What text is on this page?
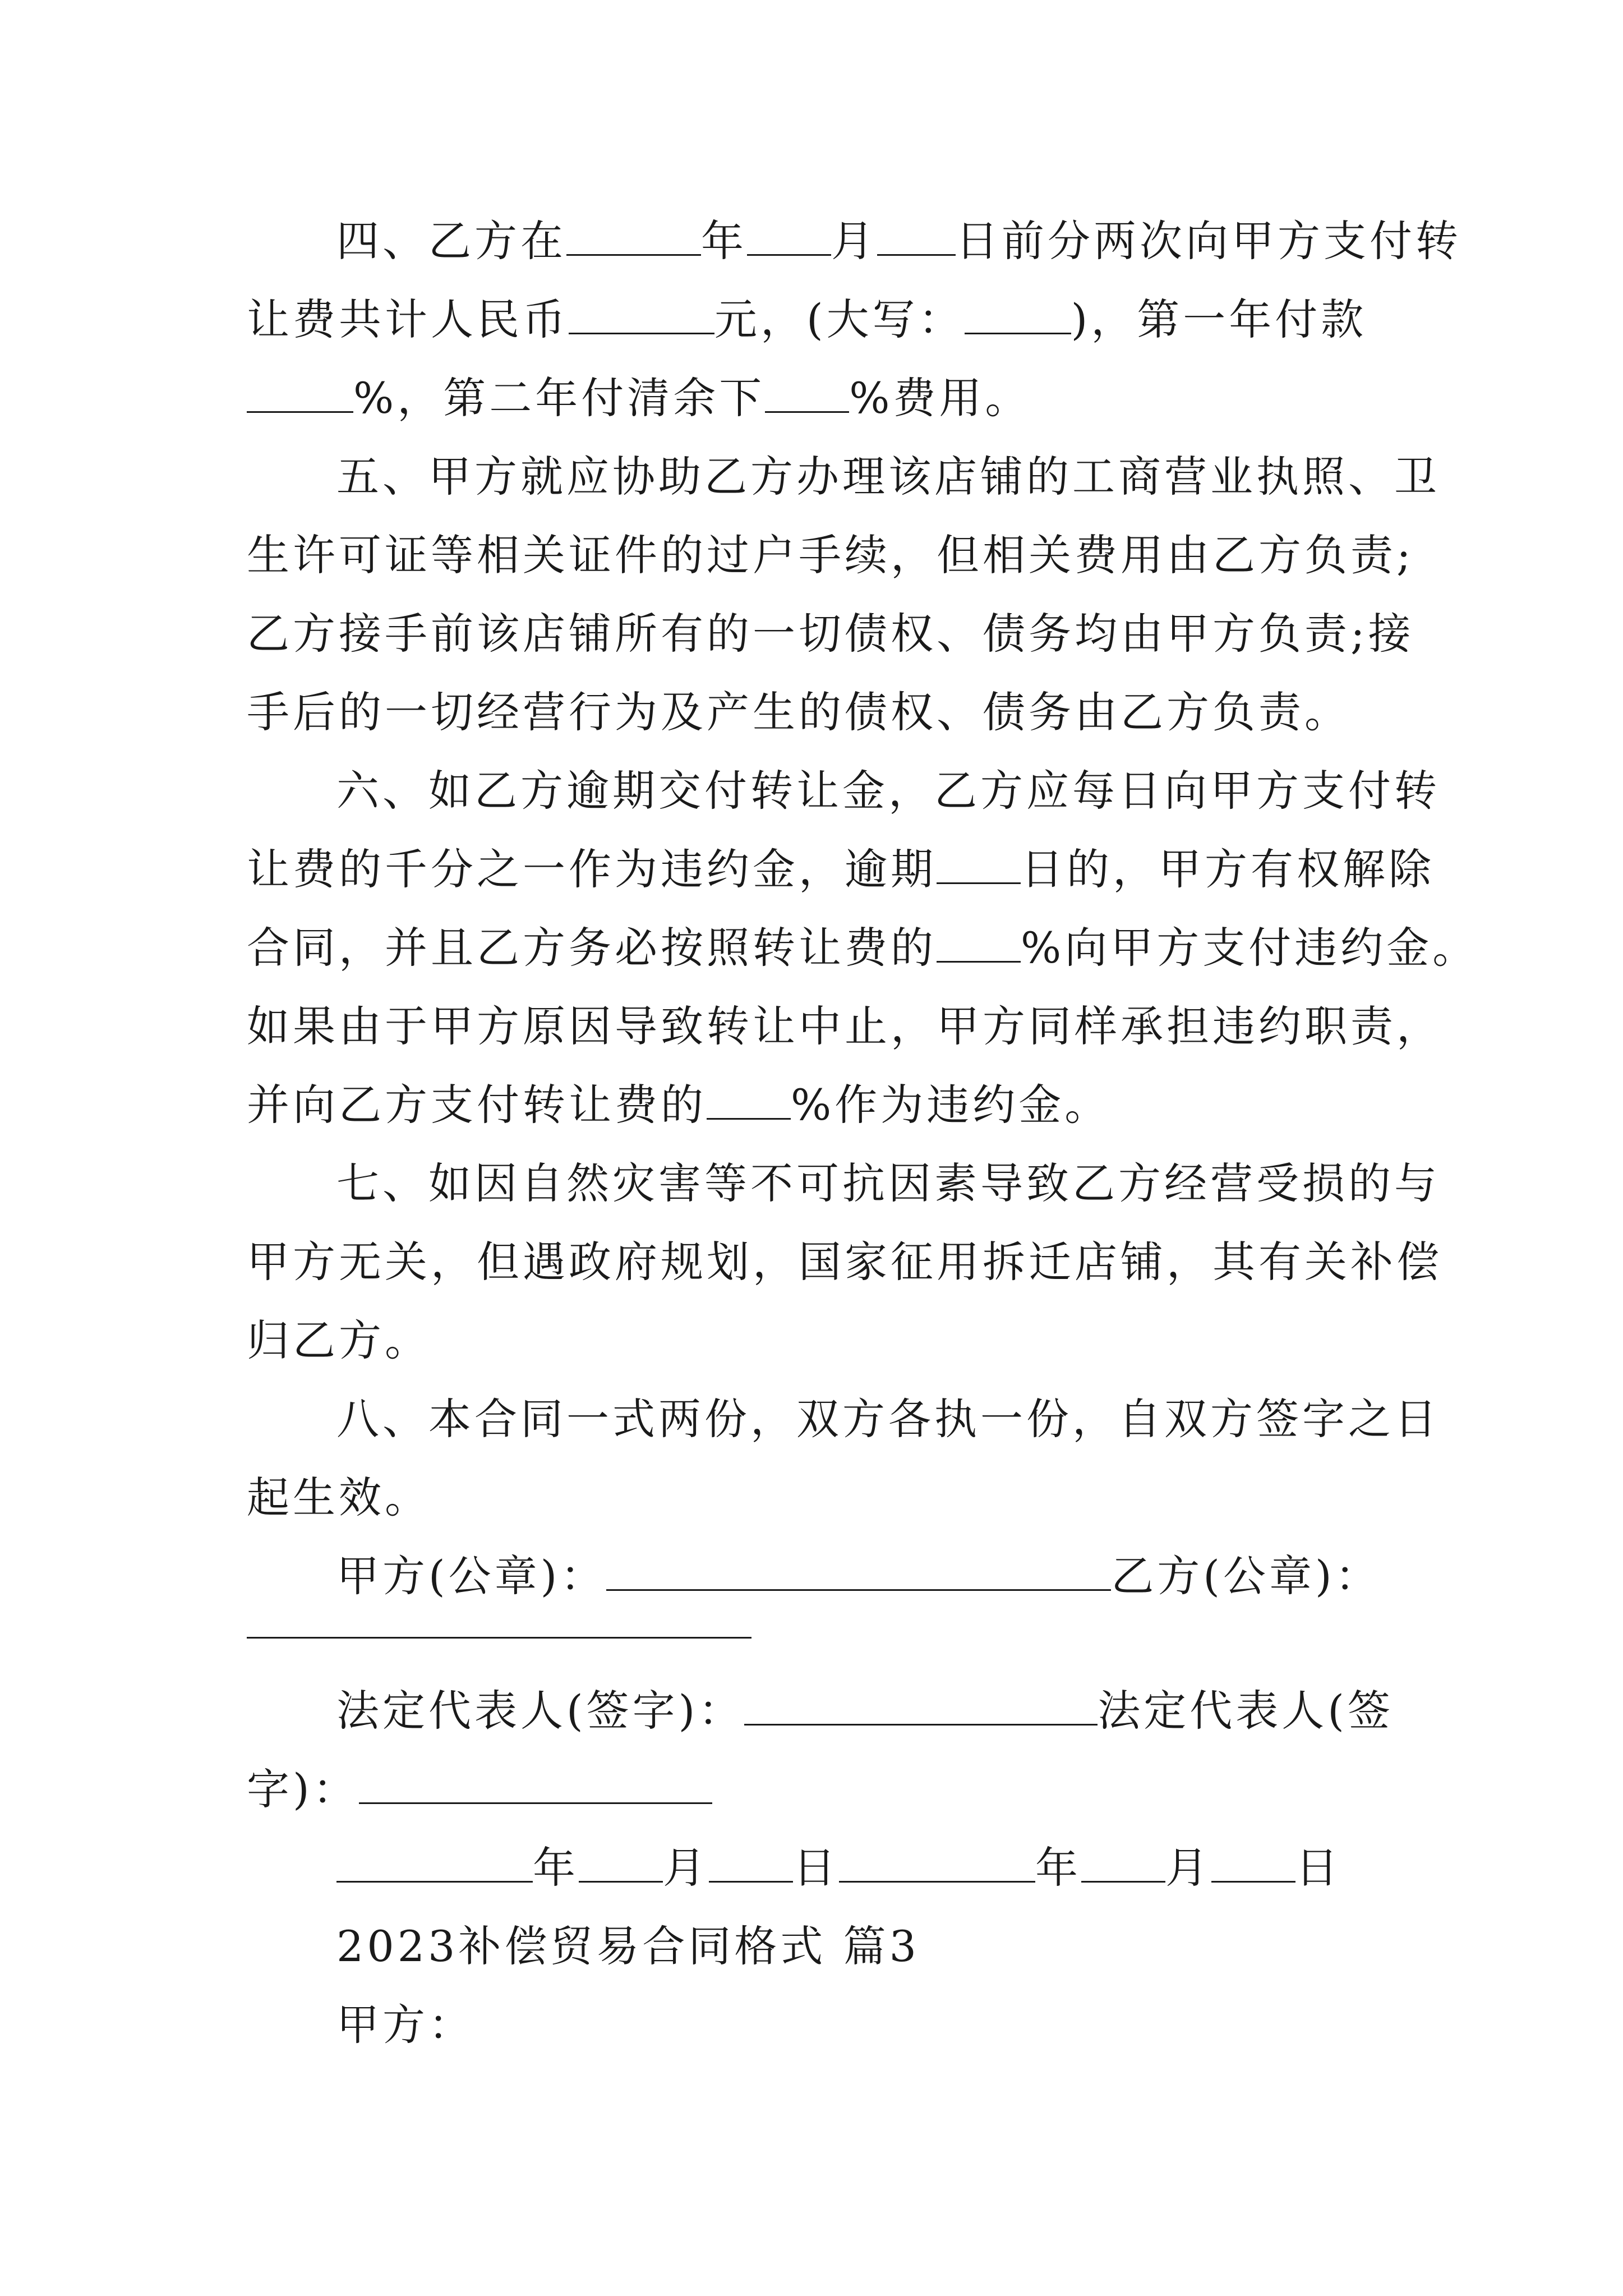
四、乙方在	年 月 日前分两次向甲方支付转
让费共计人民币	元，(大写：	)，第一年付款
%，第二年付清余下 %费用。
五、甲方就应协助乙方办理该店铺的工商营业执照、卫
生许可证等相关证件的过户手续，但相关费用由乙方负责;
乙方接手前该店铺所有的一切债权、债务均由甲方负责;接
手后的一切经营行为及产生的债权、债务由乙方负责。
六、如乙方逾期交付转让金，乙方应每日向甲方支付转
让费的千分之一作为违约金，逾期 日的，甲方有权解除
合同，并且乙方务必按照转让费的 %向甲方支付违约金。
如果由于甲方原因导致转让中止，甲方同样承担违约职责，
并向乙方支付转让费的 %作为违约金。
七、如因自然灾害等不可抗因素导致乙方经营受损的与
甲方无关，但遇政府规划，国家征用拆迁店铺，其有关补偿
归乙方。
八、本合同一式两份，双方各执一份，自双方签字之日
起生效。
甲方(公章)：	乙方(公章)：
法定代表人(签字)：	法定代表人(签
字)：
年 月 日	年 月 日
2023补偿贸易合同格式 篇3
甲方：
